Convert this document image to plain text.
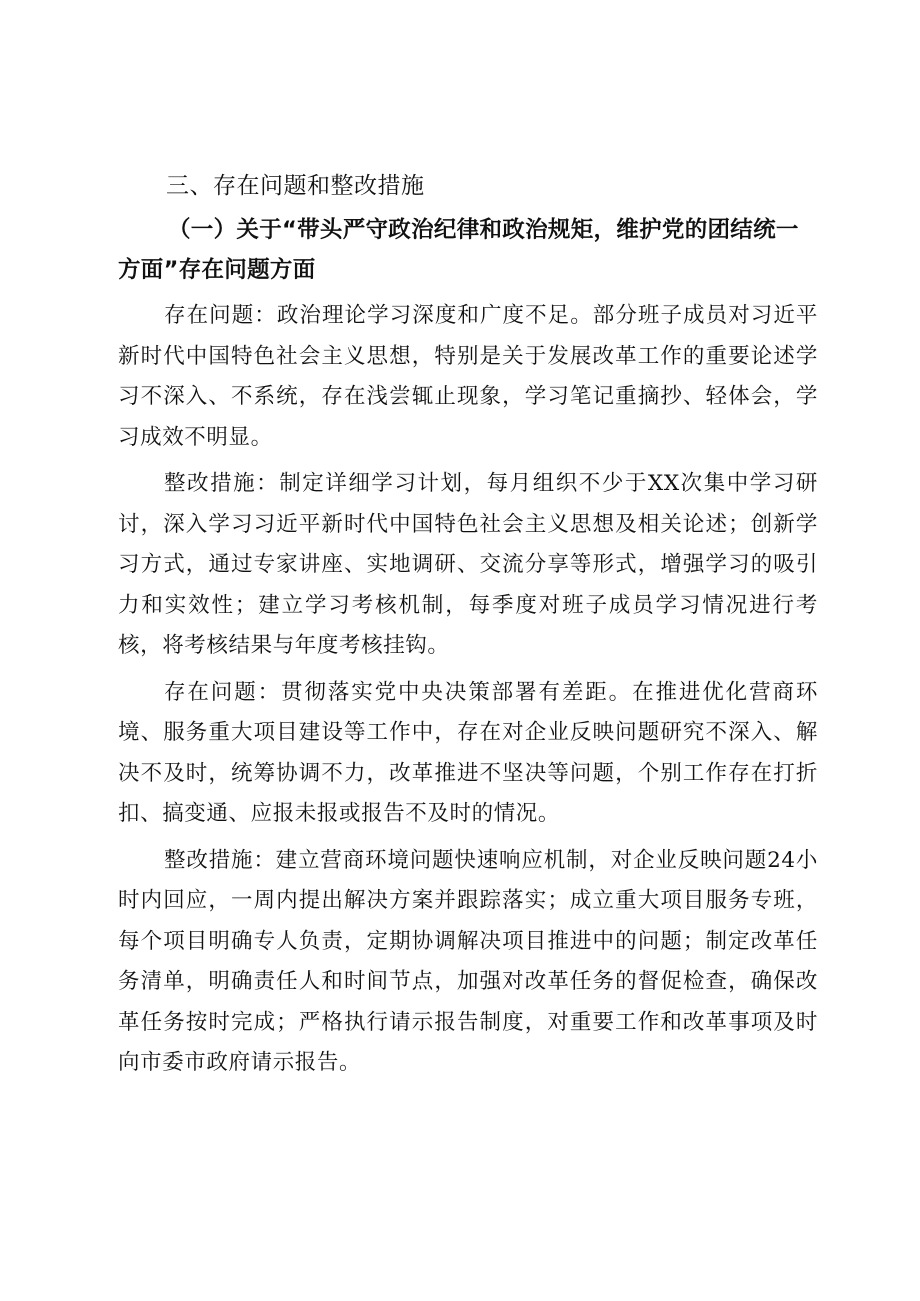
三、存在问题和整改措施
（一）关于“带头严守政治纪律和政治规矩，维护党的团结统一方面”存在问题方面

存在问题：政治理论学习深度和广度不足。部分班子成员对习近平新时代中国特色社会主义思想，特别是关于发展改革工作的重要论述学习不深入、不系统，存在浅尝辄止现象，学习笔记重摘抄、轻体会，学习成效不明显。

整改措施：制定详细学习计划，每月组织不少于XX次集中学习研讨，深入学习习近平新时代中国特色社会主义思想及相关论述；创新学习方式，通过专家讲座、实地调研、交流分享等形式，增强学习的吸引力和实效性；建立学习考核机制，每季度对班子成员学习情况进行考核，将考核结果与年度考核挂钩。

存在问题：贯彻落实党中央决策部署有差距。在推进优化营商环境、服务重大项目建设等工作中，存在对企业反映问题研究不深入、解决不及时，统筹协调不力，改革推进不坚决等问题，个别工作存在打折扣、搞变通、应报未报或报告不及时的情况。

整改措施：建立营商环境问题快速响应机制，对企业反映问题24小时内回应，一周内提出解决方案并跟踪落实；成立重大项目服务专班，每个项目明确专人负责，定期协调解决项目推进中的问题；制定改革任务清单，明确责任人和时间节点，加强对改革任务的督促检查，确保改革任务按时完成；严格执行请示报告制度，对重要工作和改革事项及时向市委市政府请示报告。
